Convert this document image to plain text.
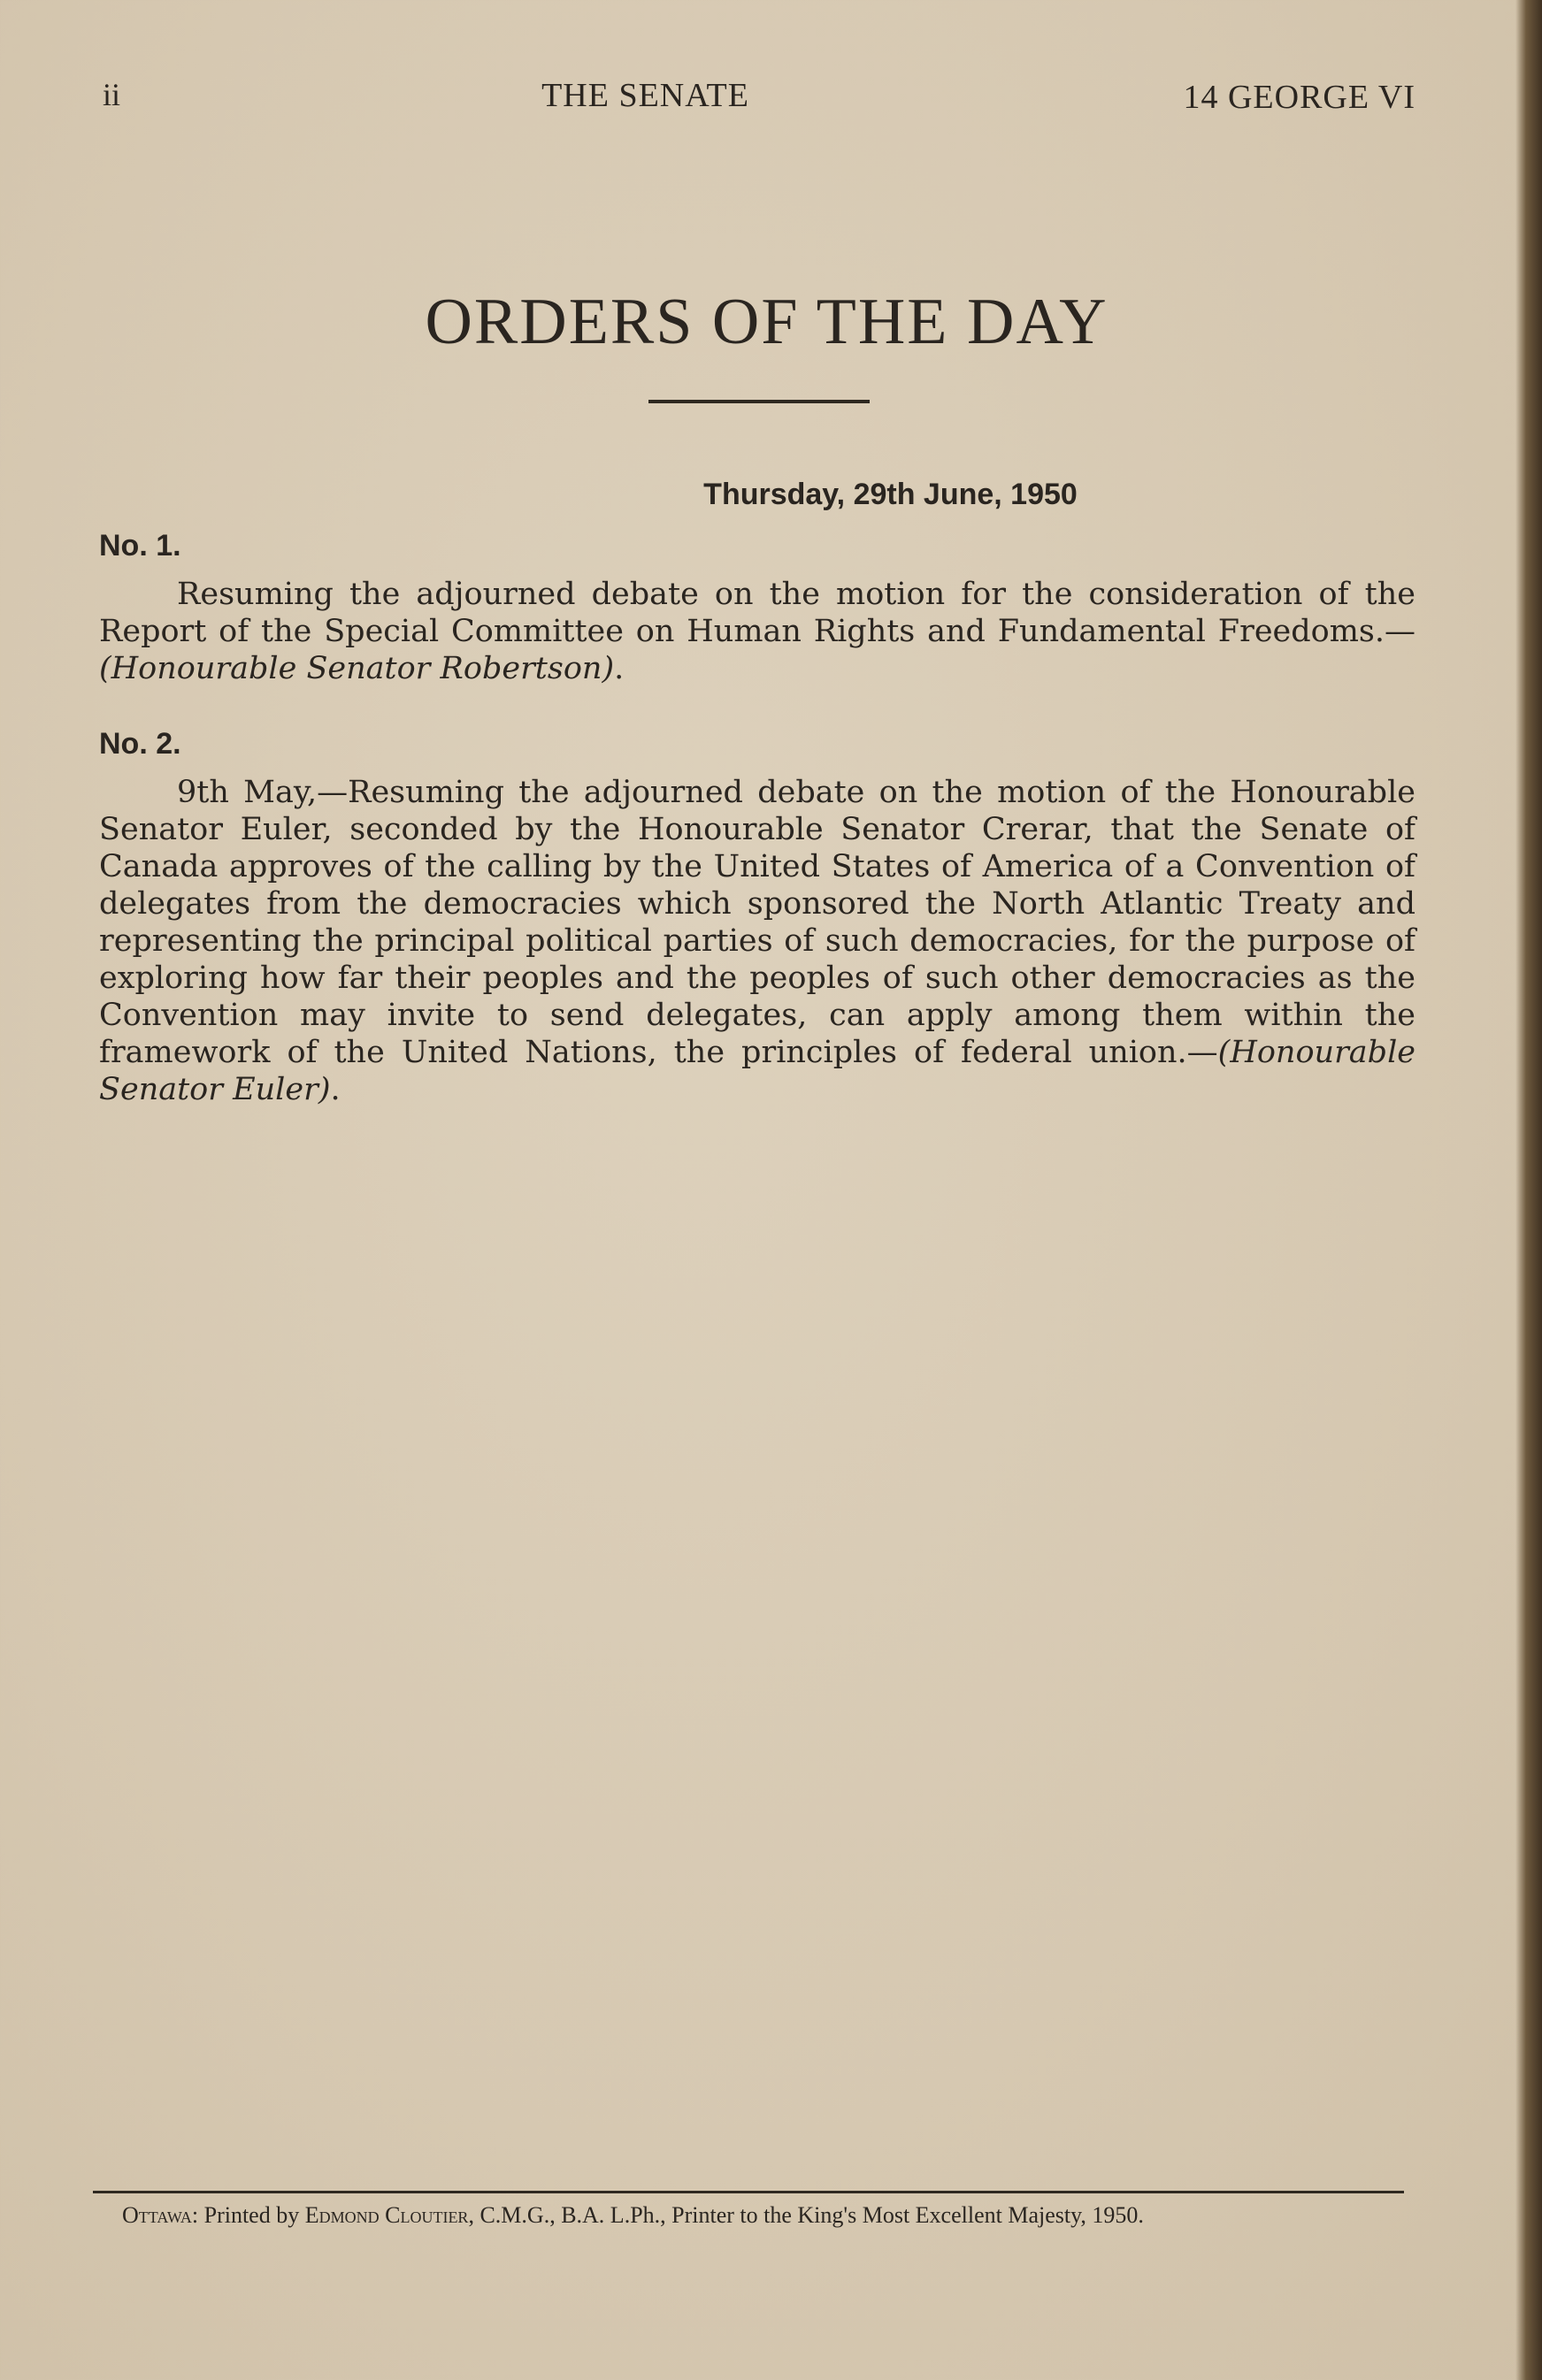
ii	THE SENATE	14 GEORGE VI
ORDERS OF THE DAY
Thursday, 29th June, 1950
No. 1.

Resuming the adjourned debate on the motion for the consideration of the Report of the Special Committee on Human Rights and Fundamental Freedoms.—(Honourable Senator Robertson).

No. 2.

9th May,—Resuming the adjourned debate on the motion of the Honourable Senator Euler, seconded by the Honourable Senator Crerar, that the Senate of Canada approves of the calling by the United States of America of a Convention of delegates from the democracies which sponsored the North Atlantic Treaty and representing the principal political parties of such democracies, for the purpose of exploring how far their peoples and the peoples of such other democracies as the Convention may invite to send delegates, can apply among them within the framework of the United Nations, the principles of federal union.—(Honourable Senator Euler).

Ottawa: Printed by Edmond Cloutier, C.M.G., B.A. L.Ph., Printer to the King's Most Excellent Majesty, 1950.
